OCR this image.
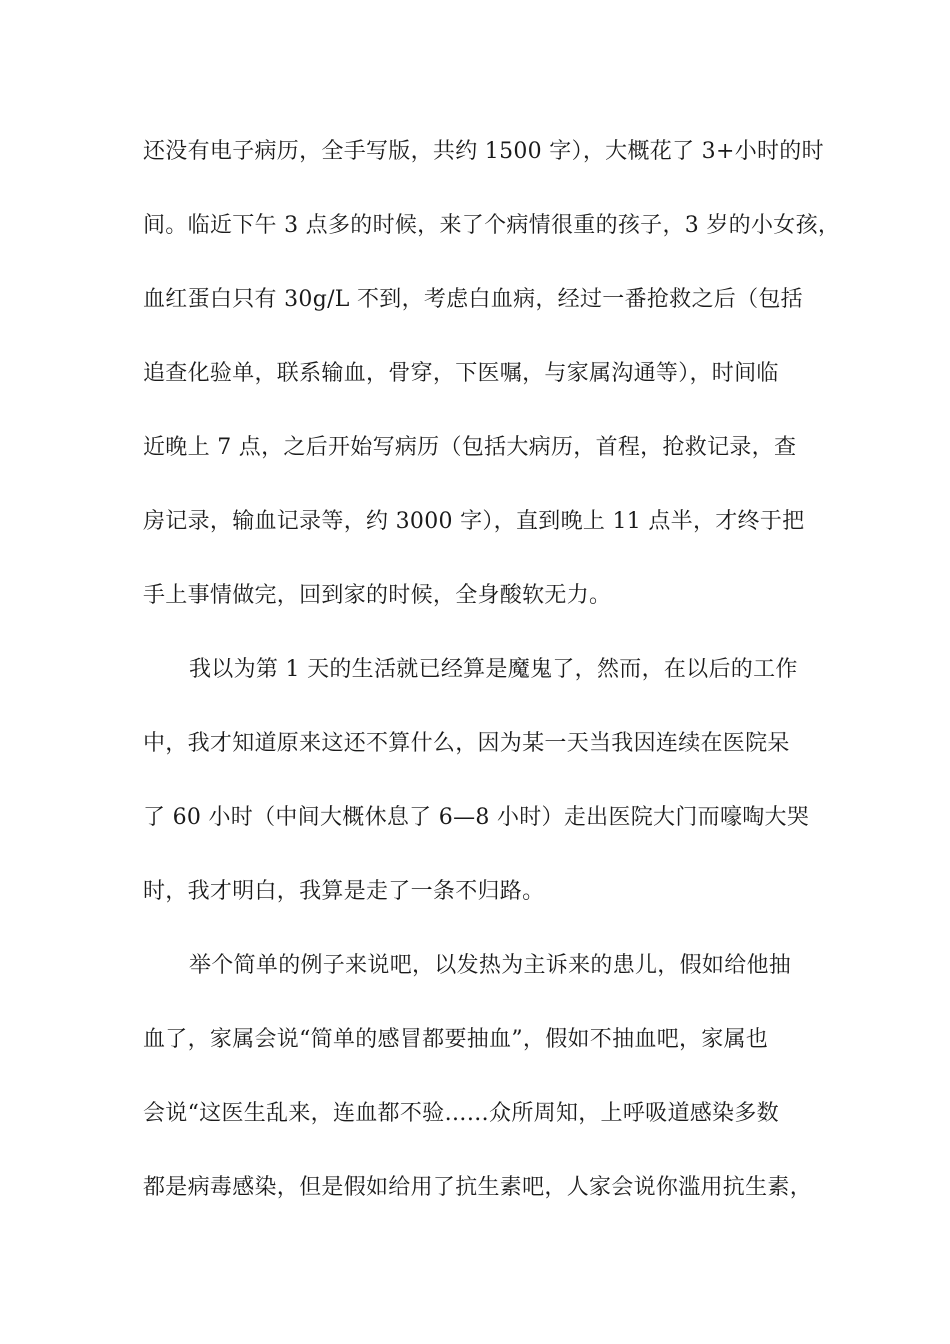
还没有电子病历，全手写版，共约 1500 字），大概花了 3+小时的时
间。临近下午 3 点多的时候，来了个病情很重的孩子，3 岁的小女孩，
血红蛋白只有 30g/L 不到，考虑白血病，经过一番抢救之后（包括
追查化验单，联系输血，骨穿，下医嘱，与家属沟通等），时间临
近晚上 7 点，之后开始写病历（包括大病历，首程，抢救记录，查
房记录，输血记录等，约 3000 字），直到晚上 11 点半，才终于把
手上事情做完，回到家的时候，全身酸软无力。
我以为第 1 天的生活就已经算是魔鬼了，然而，在以后的工作
中，我才知道原来这还不算什么，因为某一天当我因连续在医院呆
了 60 小时（中间大概休息了 6—8 小时）走出医院大门而嚎啕大哭
时，我才明白，我算是走了一条不归路。
举个简单的例子来说吧，以发热为主诉来的患儿，假如给他抽
血了，家属会说“简单的感冒都要抽血”，假如不抽血吧，家属也
会说“这医生乱来，连血都不验……众所周知，上呼吸道感染多数
都是病毒感染，但是假如给用了抗生素吧，人家会说你滥用抗生素，
